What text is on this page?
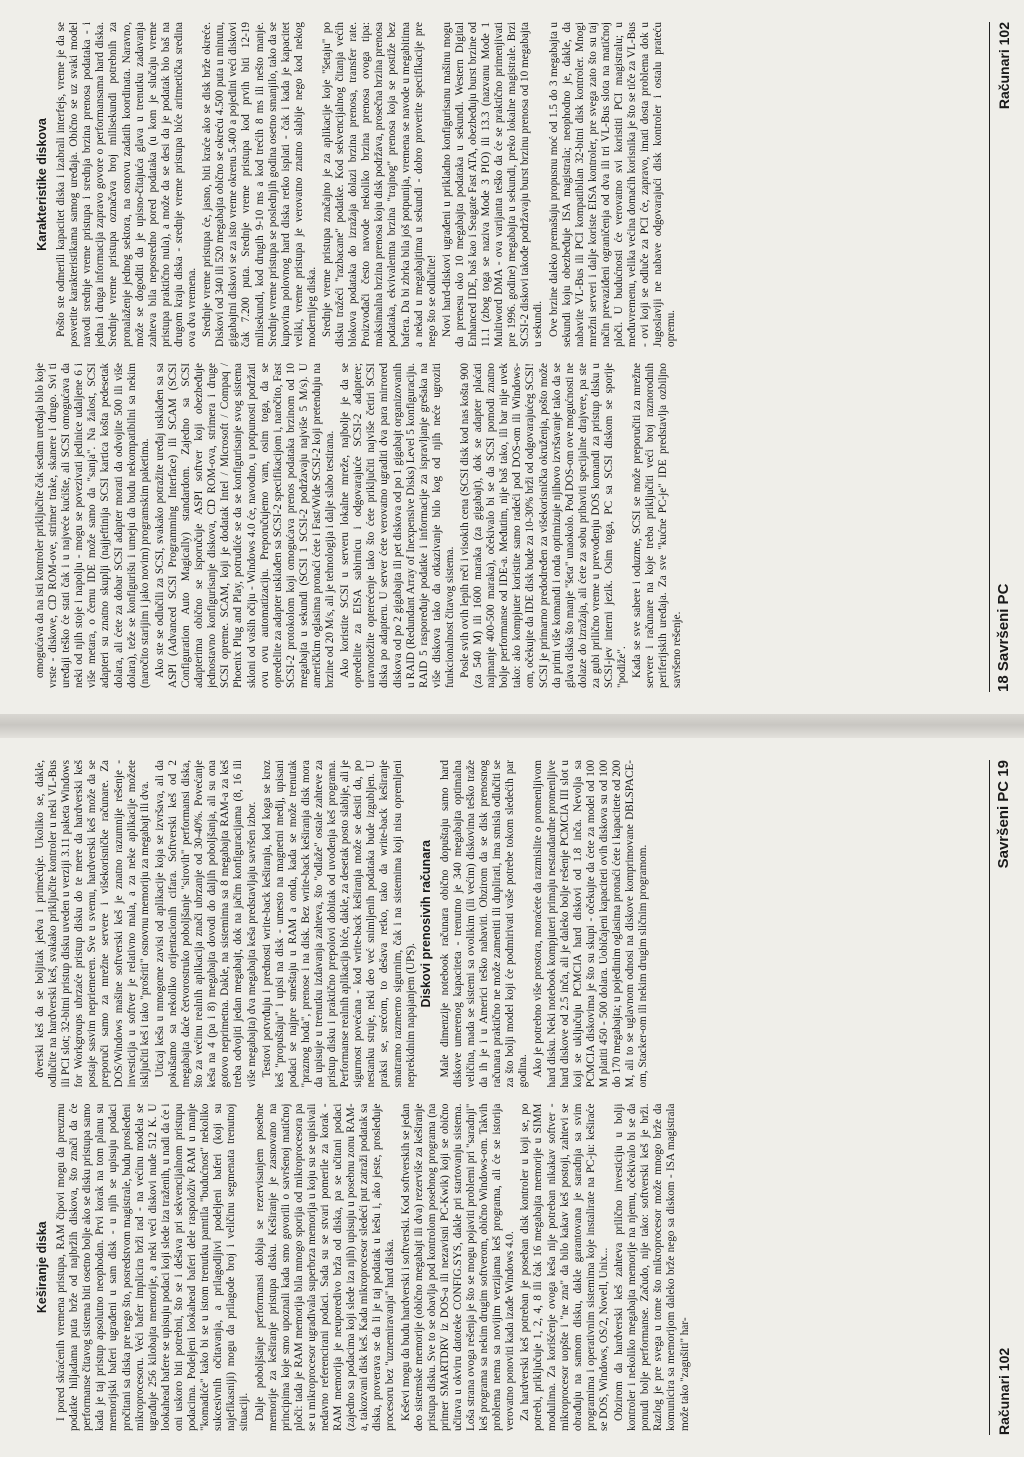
omogućava da na isti kontroler priključite čak sedam uređaja bilo koje vrste - diskove, CD ROM-ove, strimer trake, skanere i drugo. Svi ti uređaji teško će stati čak i u najveće kućište, ali SCSI omogućava da neki od njih stoje i napolju - mogu se povezivati jedinice udaljene 6 i više metara, o čemu IDE može samo da "sanja". Na žalost, SCSI adapteri su znatno skuplji (najjeftinija SCSI kartica košta pedesetak dolara, ali ćete za dobar SCSI adapter morati da odvojite 500 ili više dolara), teže se konfigurišu i umeju da budu nekompatibilni sa nekim (naročito starijim i jako novim) programskim paketima. Ako ste se odlučili za SCSI, svakako potražite uređaj usklađen sa sa ASPI (Advanced SCSI Programming Interface) ili SCAM (SCSI Configuration Auto Magically) standardom. Zajedno sa SCSI adapterima obično se isporučuje ASPI softver koji obezbeđuje jednostavno konfigurisanje diskova, CD ROM-ova, strimera i druge SCSI opreme. SCAM, koji je dodatak Intel / Microsoft / Compaq / Phoenix Plug and Play, potrudiće se da se konfigurisanje svog sistema skloni od vaših očiju - Windows 4.0 će, navodno, u potpunosti podržati ovu ovu automatizaciju. Preporučujemo vam, osim toga, da se opredelite za adapter usklađen sa SCSI-2 specifikacijom i, naročito, Fast SCSI-2 protokolom koji omogućava prenos podataka brzinom od 10 megabajta u sekundi (SCSI 1 SCSI-2 podržavaju najviše 5 M/s). U američkim oglasima pronaći ćete i Fast/Wide SCSI-2 koji pretenduju na brzine od 20 M/s, ali je tehnologija i dalje slabo testirana. Ako koristite SCSI u serveru lokalne mreže, najbolje je da se opredelite za EISA sabirnicu i odgovarajuće SCSI-2 adaptere; uravnotežite opterećenje tako što ćete priključiti najviše četiri SCSI diska po adapteru. U server ćete verovatno ugraditi dva para mirrored diskova od po 2 gigabajta ili pet diskova od po 1 gigabajt organizovanih u RAID (Redundant Array of Inexpensive Disks) Level 5 konfiguraciju. RAID 5 raspoređuje podatke i informacije za ispravljanje grešaka na više diskova tako da otkazivanje bilo kog od njih neće ugroziti funkcionalnost čitavog sistema. Posle svih ovih lepih reči i visokih cena (SCSI disk kod nas košta 900 (za 540 M) ili 1600 maraka (za gigabajt), dok se adapter plaćati najmanje 400-500 maraka), očekivalo bi se da SCSI pomodi znatno bolje performanse od IDE-a. Međutim, nije baš tako, ili bar nije uvek tako: ako kompjuter koristite samo radeći pod DOS-om ili Windows-om, očekujte da IDE disk bude za 10-30% brži od odgovarajućeg SCSI! SCSI je primarno predodređen za višekorisnička okruženja, pošto može da primi više komandi i onda optimizuje njihovo izvršavanje tako da se glava diska što manje "šeta" unaokolo. Pod DOS-om ove mogućnosti ne dolaze do izražaja, ali ćete za sobu pribaviti specijalne drajvere, pa ste za gubi prilično vreme u prevođenju DOS komandi za pristup disku u SCSI-jev interni jezik. Osim toga, PC sa SCSI diskom se sporije "podiže". Kada se sve sabere i oduzme, SCSI se može preporučiti za mrežne servere i računare na koje treba priključiti veći broj raznorodnih periferijskih uređaja. Za sve "kućne PC-je" IDE predstavlja ozbiljno savršeno rešenje.

Karakteristike diskova Pošto ste odmerili kapacitet diska i izabrali interfejs, vreme je da se posvetite karakteristikama samog uređaja. Obično se uz svaki model navodi srednje vreme pristupa i srednja brzina prenosa podataka - i jedna i druga informacija zapravo govore o performansama hard diska. Srednje vreme pristupa označava broj milisekundi potrebnih za pronalaženje jednog sektora, na osnovu zadatih koordinata. Naravno, može se dogoditi da je upisno-čitajuća glava u trenutku zadavanja zahteva bila neposredno pored podataka (u kom je slučaju vreme pristupa praktično nula), a može da se desi da je podatak bio baš na drugom kraju diska - srednje vreme pristupa biće aritmetička sredina ova dva vremena. Srednje vreme pristupa će, jasno, biti kraće ako se disk brže okreće. Diskovi od 340 ili 520 megabajta obično se okreću 4.500 puta u minutu, gigabajtni diskovi se za isto vreme okrenu 5.400 a pojedini veći diskovi čak 7.200 puta. Srednje vreme pristupa kod prvih biti 12-19 milisekundi, kod drugih 9-10 ms a kod trećih 8 ms ili nešto manje. Srednje vreme pristupa se poslednjih godina osetno smanjilo, tako da se kupovina polovnog hard diska retko isplati - čak i kada je kapacitet veliki, vreme pristupa je verovatno znatno slabije nego kod nekog modernijeg diska. Srednje vreme pristupa značajno je za aplikacije koje "šetaju" po disku tražeći "razbacane" podatke. Kod sekvencijalnog čitanja većih blokova podataka do izražaja dolazi brzina prenosa, transfer rate. Proizvođači često navode nekoliko brzina prenosa ovoga tipa: maksimalna brzina prenosa koju disk podržava, prosečna brzina prenosa podataka, ekvivalentna brzina "trajnog" prenosa koja se postiže bez bafera. Da bi zbrka bila još potpunija, vremena se navode u megabitima a nekad u megabajtima u sekundi - dobro proverite specifikacije pre nego što se odlučite! Novi hard-diskovi ugrađeni u prikladno konfigurisanu mašinu mogu da prenesu oko 10 megabajta podataka u sekundi. Western Digital Enhanced IDE, baš kao i Seagate Fast ATA, obezbeđuju burst brzine od 11.1 (zbog toga se naziva Mode 3 PIO) ili 13.3 (nazvanu Mode 1 Multiword DMA - ova varijanta teško da će se praktično primenjivati pre 1996. godine) megabajta u sekundi, preko lokalne magistrale. Brzi SCSI-2 diskovi takođe podržavaju burst brzinu prenosa od 10 megabajta u sekundi. Ove brzine daleko premašuju propusnu moć od 1.5 do 3 megabajta u sekundi koju obezbeđuje ISA magistrala; neophodno je, dakle, da nabavite VL-Bus ili PCI kompatibilan 32-bitni disk kontroler. Mnogi mrežni serveri i dalje koriste EISA kontroler, pre svega zato što su taj način prevaziđeni ograničenja od dva ili tri VL-Bus slota na matičnoj ploči. U budućnosti će verovatno svi koristiti PCI magistralu; u međuvremenu, velika većina domaćih korisnika je što se tiče za VL-Bus - ovi koji se odluče za PCI će, zapravo, imati dosta problema dok u Jugoslaviji ne nabave odgovarajući disk kontroler i ostalu prateću opremu.

18 Savršeni PC
Računari 102
Keširanje diska I pored skraćenih vremena pristupa, RAM čipovi mogu da preuzmu podatke hiljadama puta brže od najbržih diskova, što znači da će performanse čitavog sistema biti osetno bolje ako se disku pristupa samo kada je taj pristup apsolutno neophodan. Prvi korak na tom planu su memorijski baferi ugrađeni u sam disk - u njih se upisuju podaci pročitani sa diska pre nego što, posredstvom magistrale, budu prosleđeni mikroprocesoru. Veći bafer implicira brži rad - na većinu modela se ugrađuje 256 kilobajta memorije, a neki veći diskovi nude 512 K. U lookahead bafere se upisuju podaci koji slede iza traženih, u nadi da će i oni uskoro biti potrebni, što se i dešava pri sekvencijalnom pristupu podacima. Podeljeni lookahead baferi dele raspoloživ RAM u manje "komadiće" kako bi se u istom trenutku pamtila "budućnost" nekoliko sukcesivnih očitavanja, a prilagodljivi podeljeni baferi (koji su najefikasniji) mogu da prilagode broj i veličinu segmenata trenutnoj situaciji. Dalje poboljšanje performansi dobija se rezervisanjem posebne memorije za keširanje pristupa disku. Keširanje je zasnovano na principima koje smo upoznali kada smo govorili o savršenoj matičnoj ploči: tada je RAM memorija bila mnogo sporija od mikroprocesora pa se u mikroprocesor ugrađivala superbrza memorija u koju su se upisivali nedavno referencirani podaci. Sada su se stvari pomerile za korak - RAM memorija je neuporedivo brža od diska, pa se učitani podaci (zajedno sa podacima koji slede iza njih) upisuju u posebnu zonu RAM-a, takozvani disk keš. Kada mikroprocesor sledeći put zatraži podatak sa diska, proverava se da li je taj podatak u kešu i, ako jeste, prosleđuje procesoru bez "uznemiravanja" hard diska. Keševi mogu da budu hardverski i softverski. Kod softverskih se jedan deo sistemske memorije (obično megabajt ili dva) rezerviše za keširanje pristupa disku. Sve to se obavlja pod kontrolom posebnog programa (na primer SMARTDRV iz DOS-a ili nezavisni PC-Kwik) koji se obično učitava u okviru datoteke CONFIG.SYS, dakle pri startovanju sistema. Loša strana ovoga rešenja je što se mogu pojaviti problemi pri "saradnji" keš programa sa nekim drugim softverom, obično Windows-om. Takvih problema nema sa novijim verzijama keš programa, ali će se istorija verovatno ponoviti kada izađe Windows 4.0. Za hardverski keš potreban je poseban disk kontroler u koji se, po potrebi, priključuje 1, 2, 4, 8 ili čak 16 megabajta memorije u SIMM modulima. Za korišćenje ovoga keša nije potreban nikakav softver - mikroprocesor uopšte i "ne zna" da bilo kakav keš postoji, zahtevi se obrađuju na samom disku, dakle garantovana je saradnja sa svim programima i operativnim sistemima koje instalirate na PC-ju: keširaće se DOS, Windows, OS/2, Novell, Unix... Obzirom da hardverski keš zahteva prilično investiciju u bolji kontroler i nekoliko megabajta memorije na njemu, očekivalo bi se da ponudi bolje performanse. Začudo, nije tako: softverski keš je brži. Razlog je pre svega u tome što mikroprocesor može mnogo brže da komunicira sa memorijom daleko brže nego sa diskom - ISA magistrala može tako "zagušiti" har-

dverski keš da se boljitak jedva i primećuje. Ukoliko se, dakle, odlučite na hardverski keš, svakako priključite kontroler u neki VL-Bus ili PCI slot; 32-bitni pristup disku uveden u verziji 3.11 paketa Windows for Workgroups ubrzaće pristup disku do te mere da hardverski keš postaje sasvim nepriemeren. Sve u svemu, hardverski keš može da se preporuči samo za mrežne servere i višekorisničke računare. Za DOS/Windows mašine softverski keš je znatno razumnije rešenje - investicija u softver je relativno mala, a za neke aplikacije možete isključiti keš i tako "prošriti" osnovnu memoriju za megabajt ili dva. Uticaj keša u mnogome zavisi od aplikacije koja se izvršava, ali da pokušamo sa nekoliko orijentacionih cifara. Softverski keš od 2 megabajta daće četvorostruko poboljšanje "sirovih" performansi diska, što za većinu realnih aplikacija znači ubrzanje od 30-40%. Povećanje keša na 4 (pa i 8) megabajta dovodi do daljih poboljšanja, ali su ona gotovo neprimetna. Dakle, na sistemima sa 8 megabajta RAM-a za keš treba odvojiti jedan megabajt, dok na jačim konfiguracijama (8, 16 ili više megabajta) dva megabajta keša predstavljaju savršen izbor. Testovi potvrđuju i prednosti write-back keširanja, kod koga se kroz keš "propuštaju" i upisi na disk - umesto na magnetni medij, upisani podaci se najpre smeštaju u RAM a onda, kada se može trenutak "praznog hoda", prenose i na disk. Bez write-back keširanja disk mora da upisuje u trenutku izdavanja zahteva, što "odlaže" ostale zahteve za pristup disku i praktično prepolovi dobitak od uvođenja keš programa. Performanse realnih aplikacija biće, dakle, za desetak posto slabije, ali je sigurnost povećana - kod write-back keširanja može se desiti da, po nestanku struje, neki deo već snimljenih podataka bude izgubljen. U praksi se, srećom, to dešava retko, tako da write-back keširanje smatramo razmerno sigurnim, čak i na sistemima koji nisu opremljeni neprekidnim napajanjem (UPS).

Diskovi prenosivih računara Male dimenzije notebook računara obično dopuštaju samo hard diskove umerenog kapaciteta - trenutno je 340 megabajta optimalna veličina, mada se sistemi sa ovolikim (ili većim) diskovima teško traže da ih je i u Americi teško nabaviti. Obzirom da se disk prenosnog računara praktično ne može zameniti ili duplirati, ima smisla odlučiti se za što bolji model koji će podmirivati vaše potrebe tokom sledećih par godina. Ako je potrebno više prostora, moraćete da razmislite o promenljivom hard disku. Neki notebook kompjuteri primaju nestandardne promenljive hard diskove od 2.5 inča, ali je daleko bolje rešenje PCMCIA III slot u koji se uključuju PCMCIA hard diskovi od 1.8 inča. Nevolja sa PCMCIA diskovima je što su skupi - očekujte da ćete za model od 100 M platiti 450 - 500 dolara. Uobičajeni kapaciteti ovih diskova su od 100 do 170 megabajta; u pojedinim oglasima pronaći ćete i kapacitete od 200 M, ali to se uglavnom odnosi na diskove komprimovane DBLSPACE-om, Stacker-om ili nekim drugim sličnim programom.

Računari 102
Savršeni PC 19
